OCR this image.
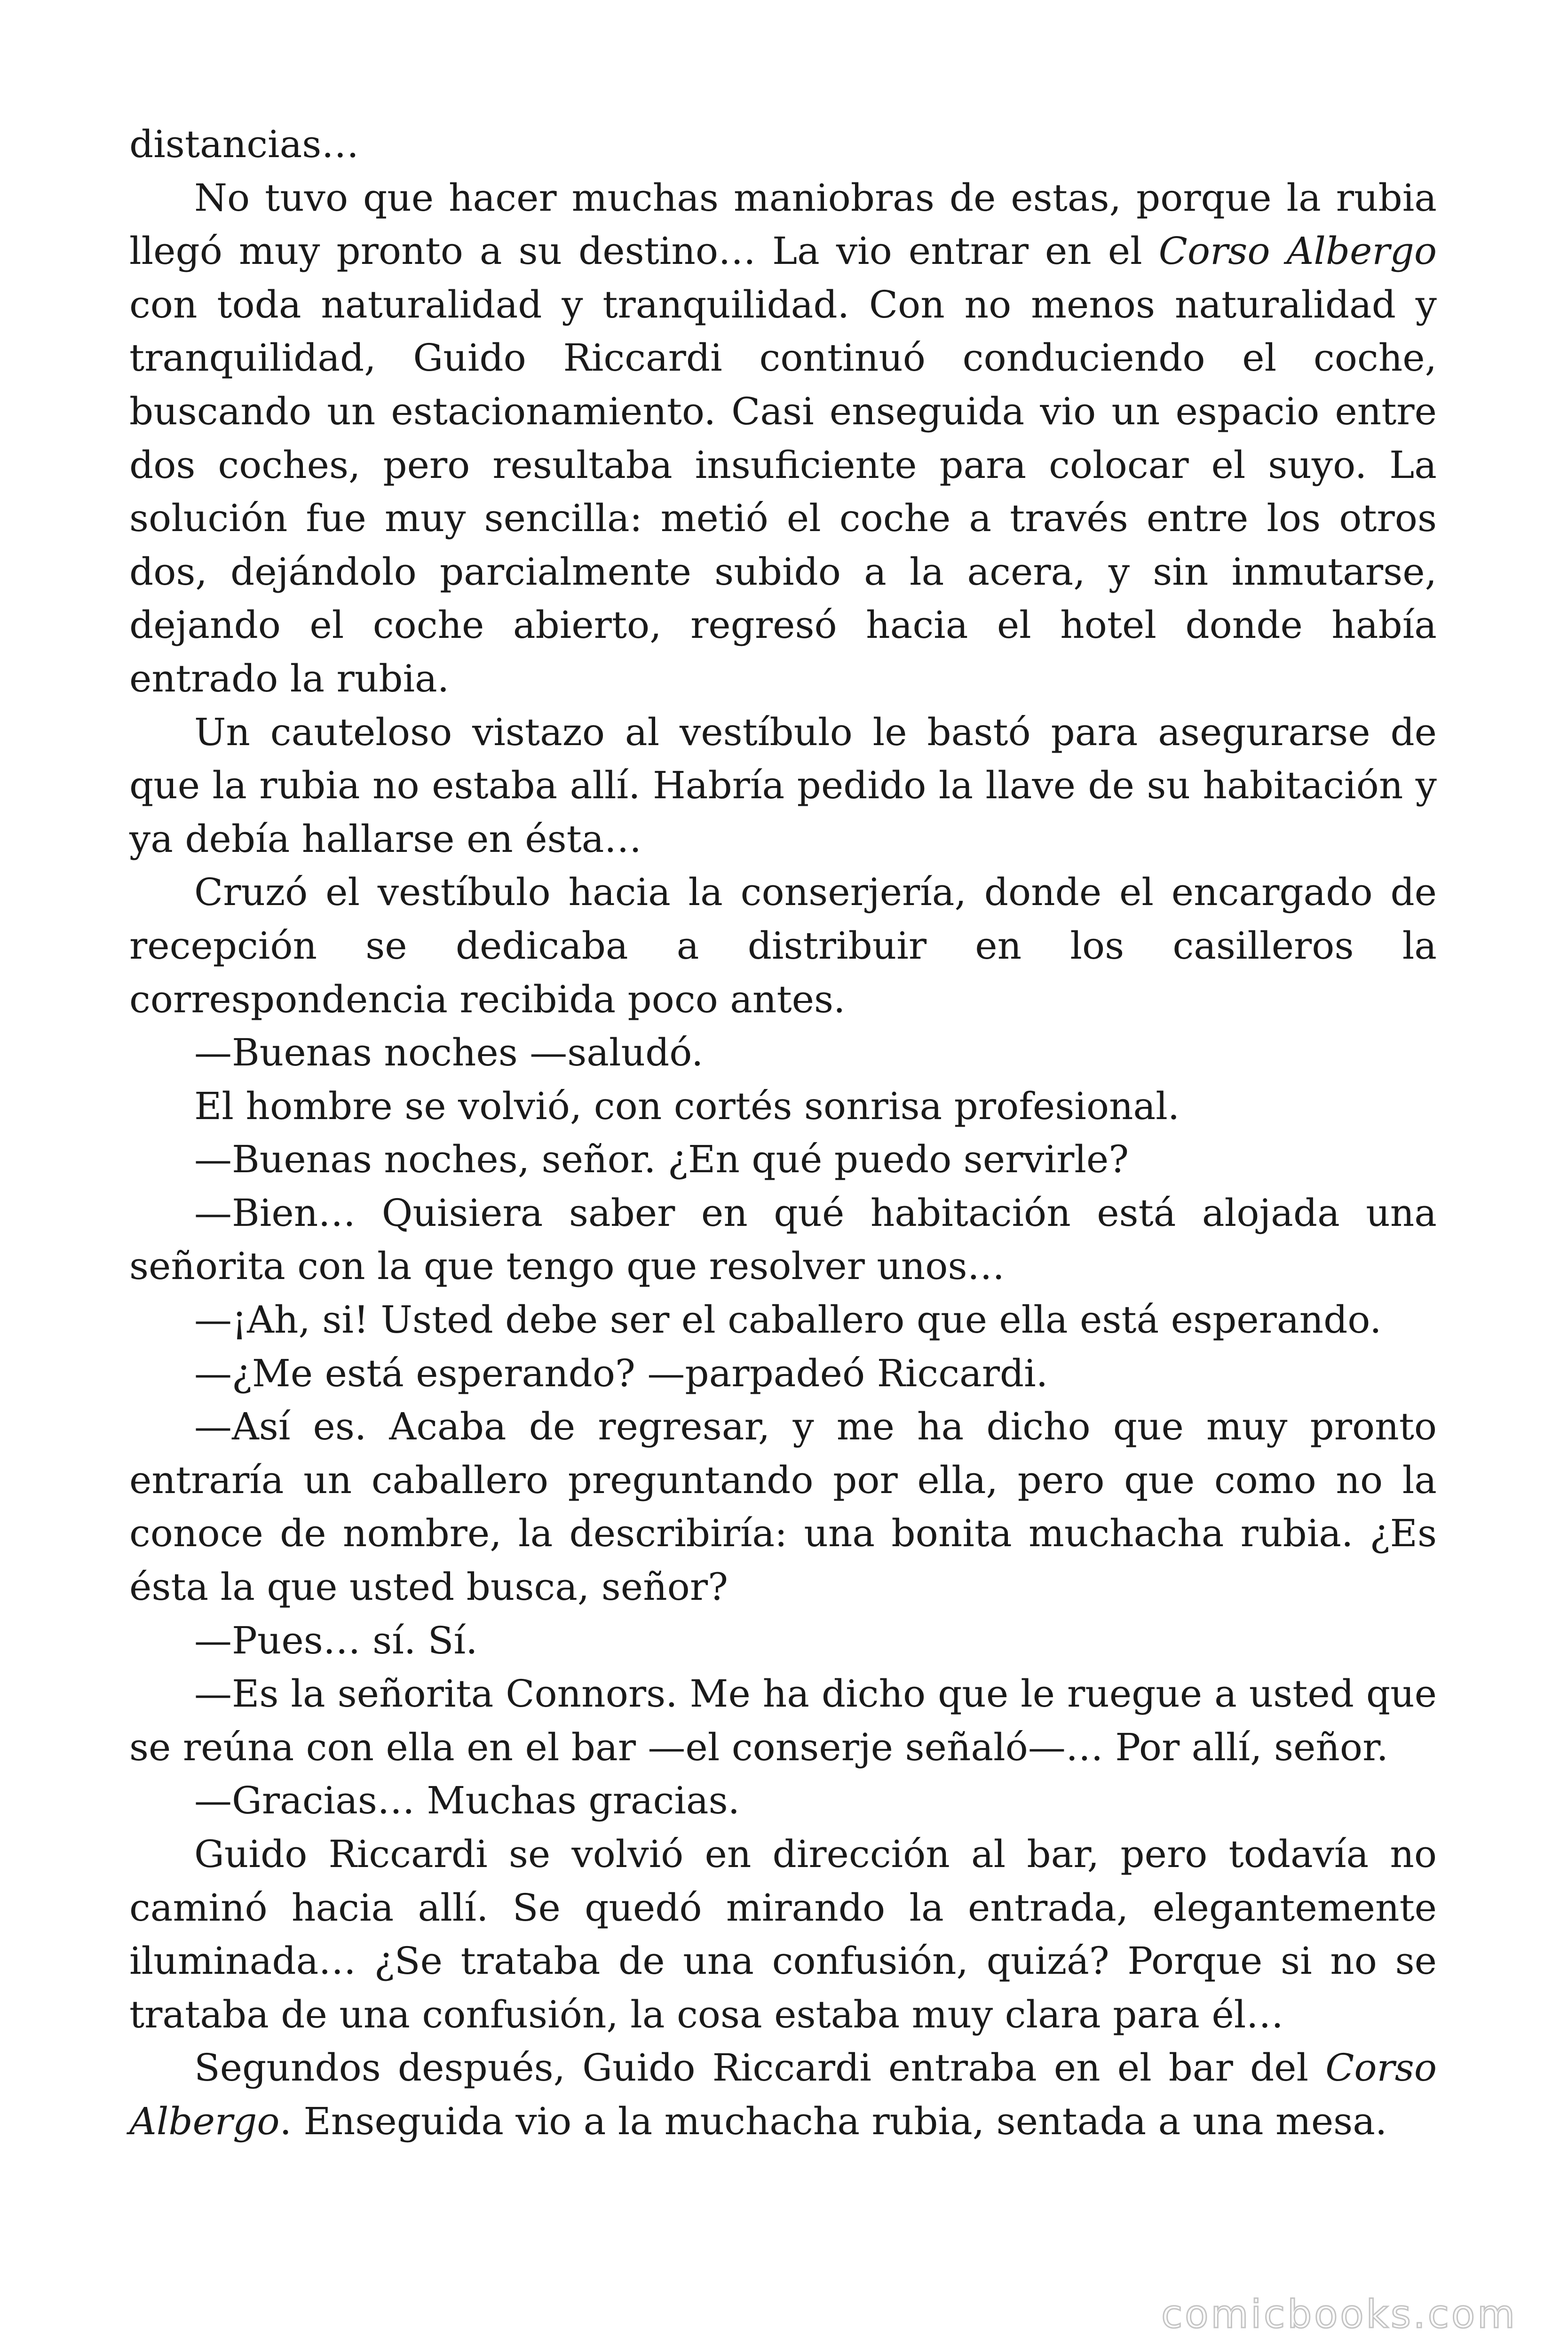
distancias…

No tuvo que hacer muchas maniobras de estas, porque la rubia llegó muy pronto a su destino… La vio entrar en el Corso Albergo con toda naturalidad y tranquilidad. Con no menos naturalidad y tranquilidad, Guido Riccardi continuó conduciendo el coche, buscando un estacionamiento. Casi enseguida vio un espacio entre dos coches, pero resultaba insuficiente para colocar el suyo. La solución fue muy sencilla: metió el coche a través entre los otros dos, dejándolo parcialmente subido a la acera, y sin inmutarse, dejando el coche abierto, regresó hacia el hotel donde había entrado la rubia.

Un cauteloso vistazo al vestíbulo le bastó para asegurarse de que la rubia no estaba allí. Habría pedido la llave de su habitación y ya debía hallarse en ésta…

Cruzó el vestíbulo hacia la conserjería, donde el encargado de recepción se dedicaba a distribuir en los casilleros la correspondencia recibida poco antes.

—Buenas noches —saludó.

El hombre se volvió, con cortés sonrisa profesional.

—Buenas noches, señor. ¿En qué puedo servirle?

—Bien… Quisiera saber en qué habitación está alojada una señorita con la que tengo que resolver unos…

—¡Ah, si! Usted debe ser el caballero que ella está esperando.

—¿Me está esperando? —parpadeó Riccardi.

—Así es. Acaba de regresar, y me ha dicho que muy pronto entraría un caballero preguntando por ella, pero que como no la conoce de nombre, la describiría: una bonita muchacha rubia. ¿Es ésta la que usted busca, señor?

—Pues… sí. Sí.

—Es la señorita Connors. Me ha dicho que le ruegue a usted que se reúna con ella en el bar —el conserje señaló—… Por allí, señor.

—Gracias… Muchas gracias.

Guido Riccardi se volvió en dirección al bar, pero todavía no caminó hacia allí. Se quedó mirando la entrada, elegantemente iluminada… ¿Se trataba de una confusión, quizá? Porque si no se trataba de una confusión, la cosa estaba muy clara para él…

Segundos después, Guido Riccardi entraba en el bar del Corso Albergo. Enseguida vio a la muchacha rubia, sentada a una mesa.

comicbooks.com
